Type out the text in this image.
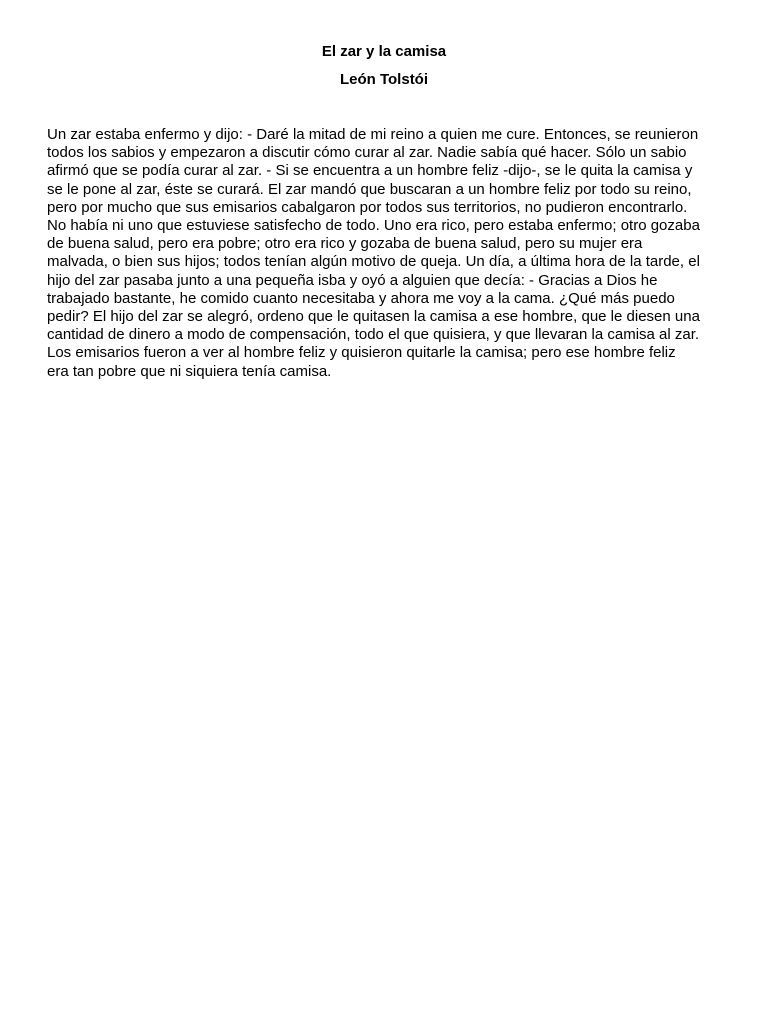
El zar y la camisa
León Tolstói
Un zar estaba enfermo y dijo: - Daré la mitad de mi reino a quien me cure. Entonces, se reunieron
todos los sabios y empezaron a discutir cómo curar al zar. Nadie sabía qué hacer. Sólo un sabio
afirmó que se podía curar al zar. - Si se encuentra a un hombre feliz -dijo-, se le quita la camisa y
se le pone al zar, éste se curará. El zar mandó que buscaran a un hombre feliz por todo su reino,
pero por mucho que sus emisarios cabalgaron por todos sus territorios, no pudieron encontrarlo.
No había ni uno que estuviese satisfecho de todo. Uno era rico, pero estaba enfermo; otro gozaba
de buena salud, pero era pobre; otro era rico y gozaba de buena salud, pero su mujer era
malvada, o bien sus hijos; todos tenían algún motivo de queja. Un día, a última hora de la tarde, el
hijo del zar pasaba junto a una pequeña isba y oyó a alguien que decía: - Gracias a Dios he
trabajado bastante, he comido cuanto necesitaba y ahora me voy a la cama. ¿Qué más puedo
pedir? El hijo del zar se alegró, ordeno que le quitasen la camisa a ese hombre, que le diesen una
cantidad de dinero a modo de compensación, todo el que quisiera, y que llevaran la camisa al zar.
Los emisarios fueron a ver al hombre feliz y quisieron quitarle la camisa; pero ese hombre feliz
era tan pobre que ni siquiera tenía camisa.
